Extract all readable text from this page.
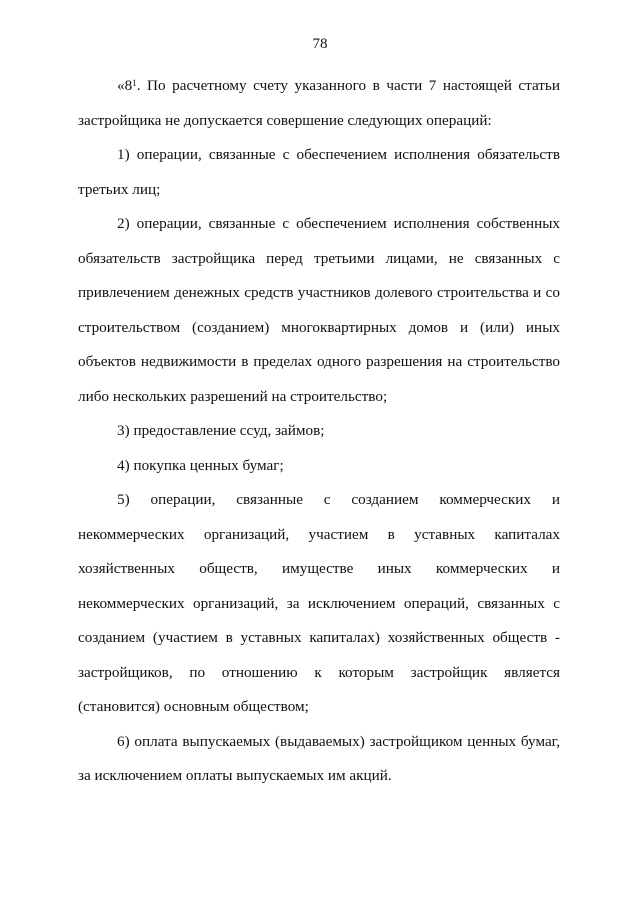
78

«$8^1$. По расчетному счету указанного в части 7 настоящей статьи застройщика не допускается совершение следующих операций:

1) операции, связанные с обеспечением исполнения обязательств третьих лиц;

2) операции, связанные с обеспечением исполнения собственных обязательств застройщика перед третьими лицами, не связанных с привлечением денежных средств участников долевого строительства и со строительством (созданием) многоквартирных домов и (или) иных объектов недвижимости в пределах одного разрешения на строительство либо нескольких разрешений на строительство;

3) предоставление ссуд, займов;

4) покупка ценных бумаг;

5) операции, связанные с созданием коммерческих и некоммерческих организаций, участием в уставных капиталах хозяйственных обществ, имуществе иных коммерческих и некоммерческих организаций, за исключением операций, связанных с созданием (участием в уставных капиталах) хозяйственных обществ - застройщиков, по отношению к которым застройщик является (становится) основным обществом;

6) оплата выпускаемых (выдаваемых) застройщиком ценных бумаг, за исключением оплаты выпускаемых им акций.
